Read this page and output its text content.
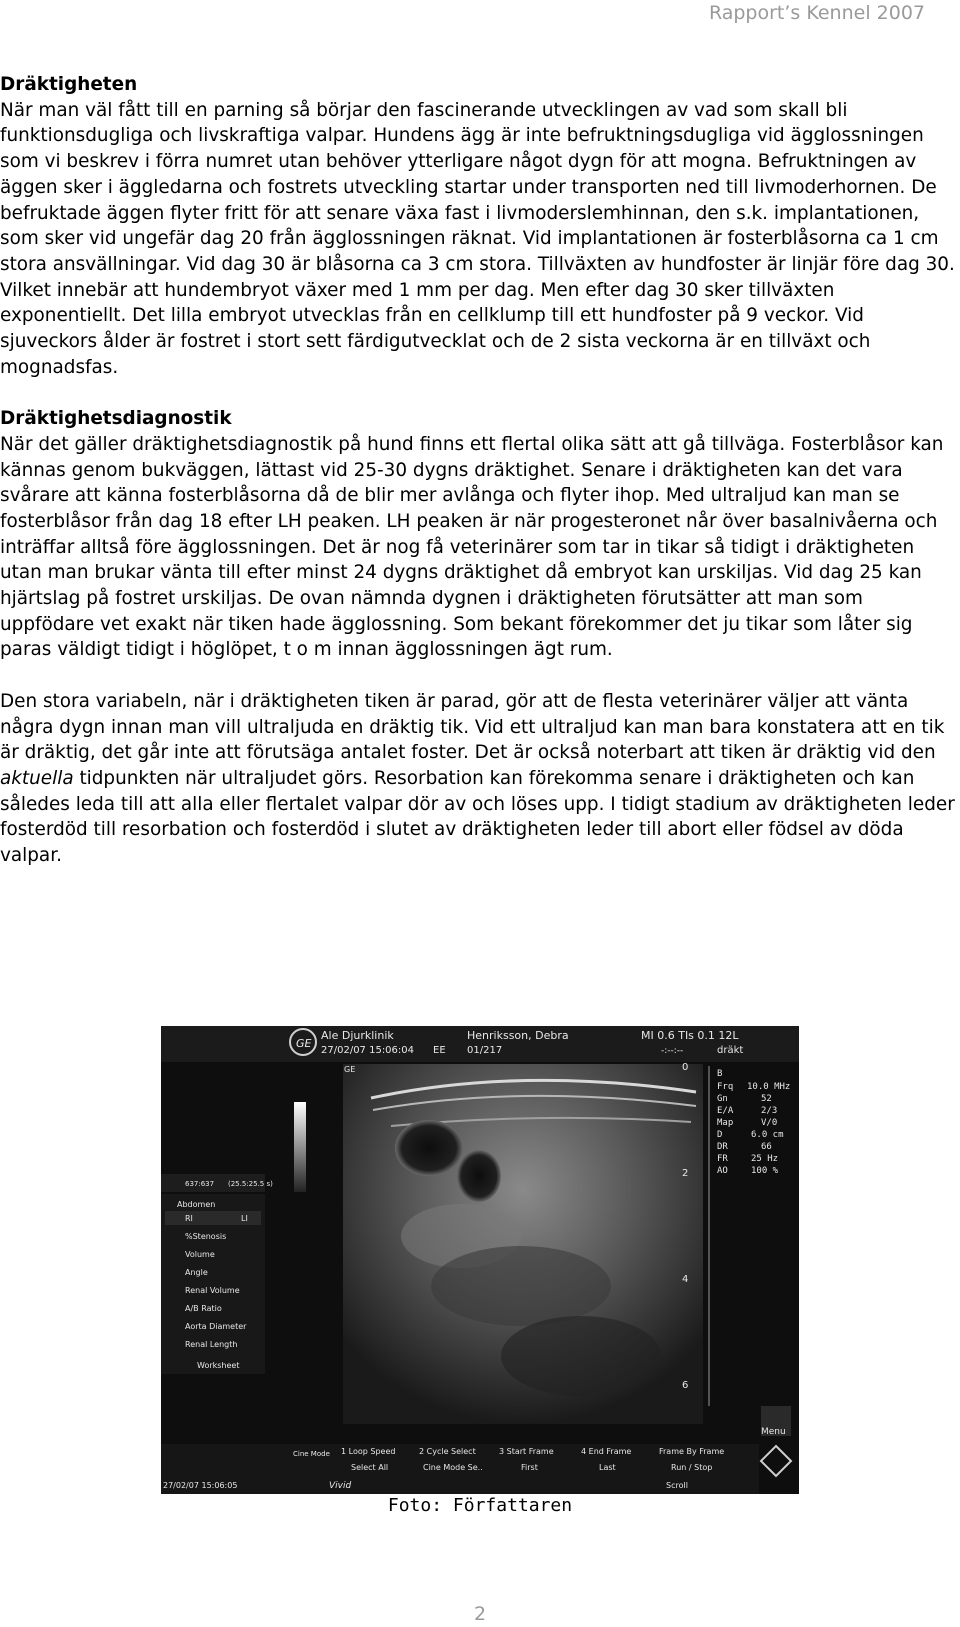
Rapport’s Kennel 2007
Dräktigheten

När man väl fått till en parning så börjar den fascinerande utvecklingen av vad som skall bli funktionsdugliga och livskraftiga valpar. Hundens ägg är inte befruktningsdugliga vid ägglossningen som vi beskrev i förra numret utan behöver ytterligare något dygn för att mogna. Befruktningen av äggen sker i äggledarna och fostrets utveckling startar under transporten ned till livmoderhornen. De befruktade äggen flyter fritt för att senare växa fast i livmoderslemhinnan, den s.k. implantationen, som sker vid ungefär dag 20 från ägglossningen räknat. Vid implantationen är fosterblåsorna ca 1 cm stora ansvällningar. Vid dag 30 är blåsorna ca 3 cm stora. Tillväxten av hundfoster är linjär före dag 30. Vilket innebär att hundembryot växer med 1 mm per dag. Men efter dag 30 sker tillväxten exponentiellt. Det lilla embryot utvecklas från en cellklump till ett hundfoster på 9 veckor. Vid sjuveckors ålder är fostret i stort sett färdigutvecklat och de 2 sista veckorna är en tillväxt och mognadsfas.

Dräktighetsdiagnostik

När det gäller dräktighetsdiagnostik på hund finns ett flertal olika sätt att gå tillväga. Fosterblåsor kan kännas genom bukväggen, lättast vid 25-30 dygns dräktighet. Senare i dräktigheten kan det vara svårare att känna fosterblåsorna då de blir mer avlånga och flyter ihop. Med ultraljud kan man se fosterblåsor från dag 18 efter LH peaken. LH peaken är när progesteronet når över basalnivåerna och inträffar alltså före ägglossningen. Det är nog få veterinärer som tar in tikar så tidigt i dräktigheten utan man brukar vänta till efter minst 24 dygns dräktighet då embryot kan urskiljas. Vid dag 25 kan hjärtslag på fostret urskiljas. De ovan nämnda dygnen i dräktigheten förutsätter att man som uppfödare vet exakt när tiken hade ägglossning. Som bekant förekommer det ju tikar som låter sig paras väldigt tidigt i höglöpet, t o m innan ägglossningen ägt rum.

Den stora variabeln, när i dräktigheten tiken är parad, gör att de flesta veterinärer väljer att vänta några dygn innan man vill ultraljuda en dräktig tik. Vid ett ultraljud kan man bara konstatera att en tik är dräktig, det går inte att förutsäga antalet foster. Det är också noterbart att tiken är dräktig vid den aktuella tidpunkten när ultraljudet görs. Resorbation kan förekomma senare i dräktigheten och kan således leda till att alla eller flertalet valpar dör av och löses upp. I tidigt stadium av dräktigheten leder fosterdöd till resorbation och fosterdöd i slutet av dräktigheten leder till abort eller födsel av döda valpar.

GE
Ale Djurklinik
27/02/07 15:06:04 EE
Henriksson, Debra
01/217
MI 0.6 TIs 0.1 12L
-:--:--	dräkt
GE	0
2
4
6
B
Frq 10.0 MHz
Gn	52
E/A	2/3
Map	V/0
D	6.0 cm
DR	66
FR	25 Hz
AO	100 %
637:637 (25.5:25.5 s)
Abdomen
RI	LI
%Stenosis
Volume
Angle
Renal Volume
A/B Ratio
Aorta Diameter
Renal Length
Worksheet
Menu
Cine Mode 1 Loop Speed	2 Cycle Select	3 Start Frame	4 End Frame	Frame By Frame
Select All	Cine Mode Se..	First	Last	Run / Stop
Scroll
27/02/07 15:06:05	Vivid
Foto: Författaren
2
